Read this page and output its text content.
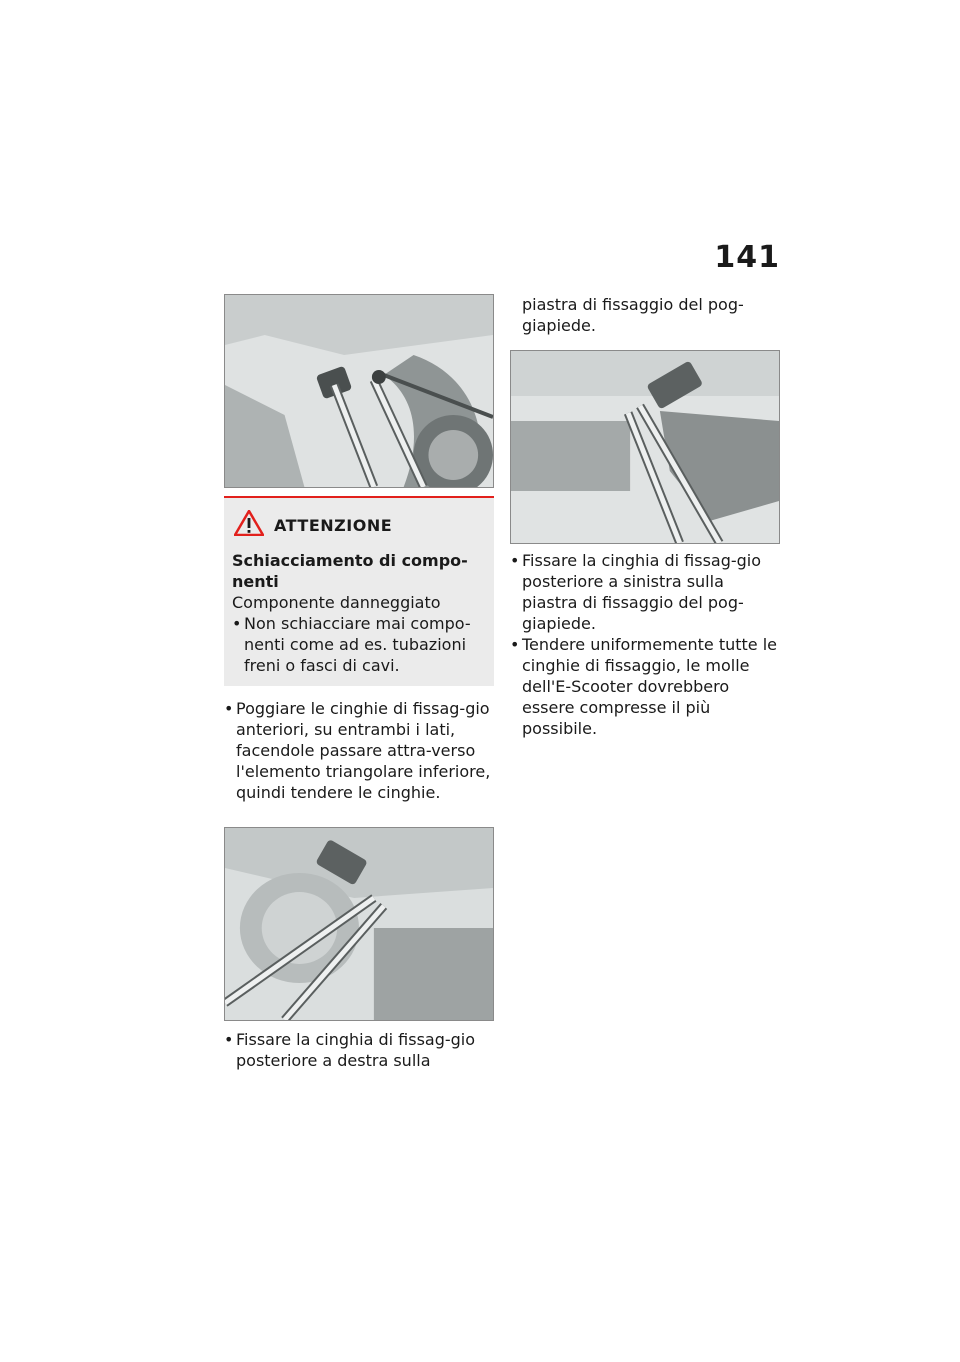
141
ATTENZIONE
Schiacciamento di compo-nenti
Componente danneggiato
• Non schiacciare mai compo-nenti come ad es. tubazioni freni o fasci di cavi.

• Poggiare le cinghie di fissag-gio anteriori, su entrambi i lati, facendole passare attra-verso l'elemento triangolare inferiore, quindi tendere le cinghie.

• Fissare la cinghia di fissag-gio posteriore a destra sulla

piastra di fissaggio del pog-giapiede.

• Fissare la cinghia di fissag-gio posteriore a sinistra sulla piastra di fissaggio del pog-giapiede.

• Tendere uniformemente tutte le cinghie di fissaggio, le molle dell'E-Scooter dovrebbero essere compresse il più possibile.
